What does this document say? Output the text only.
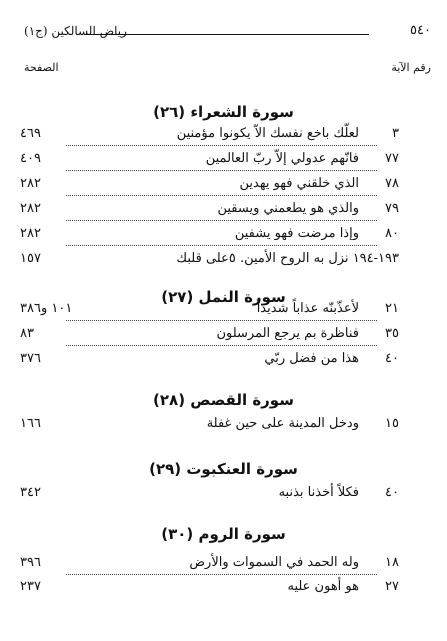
٥٤٠
رياض السالكين (ج١)
رقم الآية
الصفحة
(٢٦) سورة الشعراء
٣
لعلّك باخع نفسك الاّ يكونوا مؤمنين
٤٦٩
٧٧
فانّهم عدولي إلاّ ربّ العالمين
٤٠٩
٧٨
الذي خلقني فهو يهدين
٢٨٢
٧٩
والذي هو يطعمني ويسقين
٢٨٢
٨٠
وإذا مرضت فهو يشفين
٢٨٢
١٩٣-١٩٤ نزل به الروح الأمين. ٥على قلبك
١٥٧
(٢٧) سورة النمل
٢١
لأعذّبنّه عذاباً شديداً
١٠١ و٣٨٦
٣٥
فناظرة بم يرجع المرسلون
٨٣
٤٠
هذا من فضل ربّي
٣٧٦
(٢٨) سورة القصص
١٥
ودخل المدينة على حين غفلة
١٦٦
(٢٩) سورة العنكبوت
٤٠
فكلاً أخذنا بذنبه
٣٤٢
(٣٠) سورة الروم
١٨
وله الحمد في السموات والأرض
٣٩٦
٢٧
هو أهون عليه
٢٣٧
